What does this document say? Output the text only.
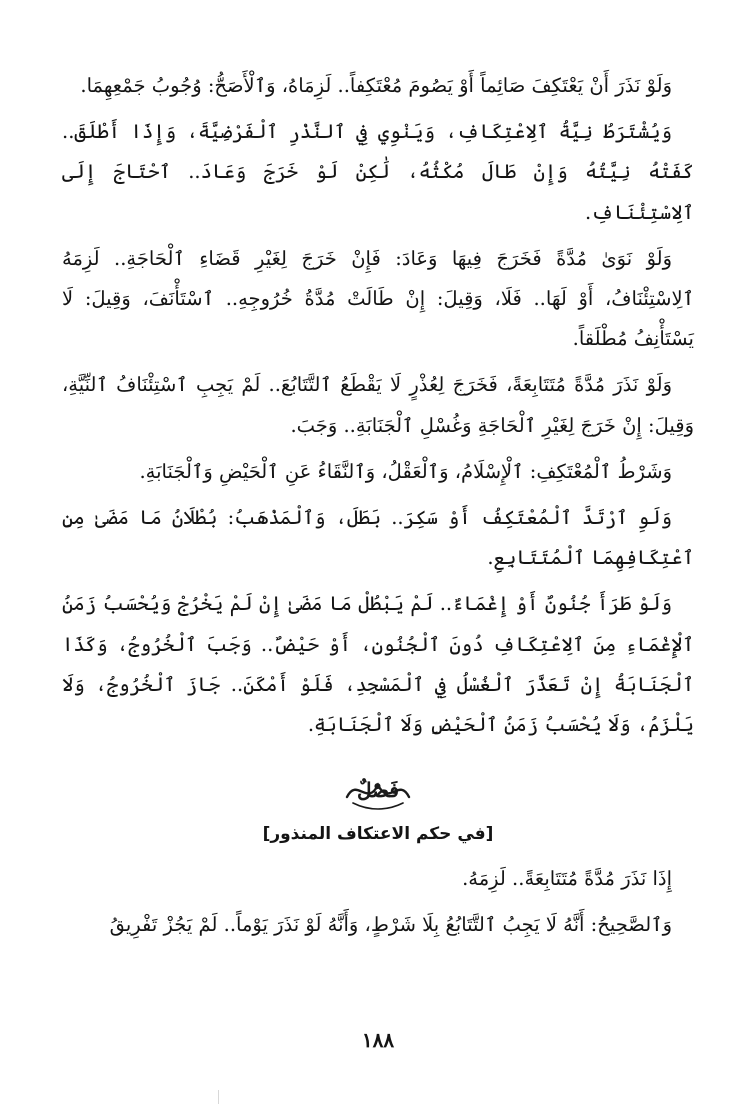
وَلَوْ نَذَرَ أَنْ يَعْتَكِفَ صَائِماً أَوْ يَصُومَ مُعْتَكِفاً.. لَزِمَاهُ، وَٱلْأَصَحُّ: وُجُوبُ جَمْعِهِمَا.

وَيُشْتَرَطُ نِيَّةُ ٱلِاعْتِكَافِ، وَيَنْوِي فِي ٱلنَّذْرِ ٱلْفَرْضِيَّةَ، وَإِذَا أَطْلَقَ.. كَفَتْهُ نِيَّتُهُ وَإِنْ طَالَ مُكْثُهُ، لَٰكِنْ لَوْ خَرَجَ وَعَادَ.. ٱحْتَاجَ إِلَى ٱلِاسْتِئْنَافِ.

وَلَوْ نَوَىٰ مُدَّةً فَخَرَجَ فِيهَا وَعَادَ: فَإِنْ خَرَجَ لِغَيْرِ قَضَاءِ ٱلْحَاجَةِ.. لَزِمَهُ ٱلِاسْتِئْنَافُ، أَوْ لَهَا.. فَلَا، وَقِيلَ: إِنْ طَالَتْ مُدَّةُ خُرُوجِهِ.. ٱسْتَأْنَفَ، وَقِيلَ: لَا يَسْتَأْنِفُ مُطْلَقاً.

وَلَوْ نَذَرَ مُدَّةً مُتَتَابِعَةً، فَخَرَجَ لِعُذْرٍ لَا يَقْطَعُ ٱلتَّتَابُعَ.. لَمْ يَجِبِ ٱسْتِئْنَافُ ٱلنِّيَّةِ، وَقِيلَ: إِنْ خَرَجَ لِغَيْرِ ٱلْحَاجَةِ وَغُسْلِ ٱلْجَنَابَةِ.. وَجَبَ.

وَشَرْطُ ٱلْمُعْتَكِفِ: ٱلْإِسْلَامُ، وَٱلْعَقْلُ، وَٱلنَّقَاءُ عَنِ ٱلْحَيْضِ وَٱلْجَنَابَةِ.

وَلَوِ ٱرْتَدَّ ٱلْمُعْتَكِفُ أَوْ سَكِرَ.. بَطَلَ، وَٱلْمَذْهَبُ: بُطْلَانُ مَا مَضَىٰ مِنِ ٱعْتِكَافِهِمَا ٱلْمُتَتَابِعِ.

وَلَوْ طَرَأَ جُنُونٌ أَوْ إِغْمَاءٌ.. لَمْ يَبْطُلْ مَا مَضَىٰ إِنْ لَمْ يَخْرُجْ وَيُحْسَبُ زَمَنُ ٱلْإِغْمَاءِ مِنَ ٱلِاعْتِكَافِ دُونَ ٱلْجُنُونِ، أَوْ حَيْضٌ.. وَجَبَ ٱلْخُرُوجُ، وَكَذَا ٱلْجَنَابَةُ إِنْ تَعَذَّرَ ٱلْغُسْلُ فِي ٱلْمَسْجِدِ، فَلَوْ أَمْكَنَ.. جَازَ ٱلْخُرُوجُ، وَلَا يَلْزَمُ، وَلَا يُحْسَبُ زَمَنُ ٱلْحَيْضِ وَلَا ٱلْجَنَابَةِ.

فَصْلٌ
[في حكم الاعتكاف المنذور]

إِذَا نَذَرَ مُدَّةً مُتَتَابِعَةً.. لَزِمَهُ.

وَٱلصَّحِيحُ: أَنَّهُ لَا يَجِبُ ٱلتَّتَابُعُ بِلَا شَرْطٍ، وَأَنَّهُ لَوْ نَذَرَ يَوْماً.. لَمْ يَجُزْ تَفْرِيقُ

١٨٨
